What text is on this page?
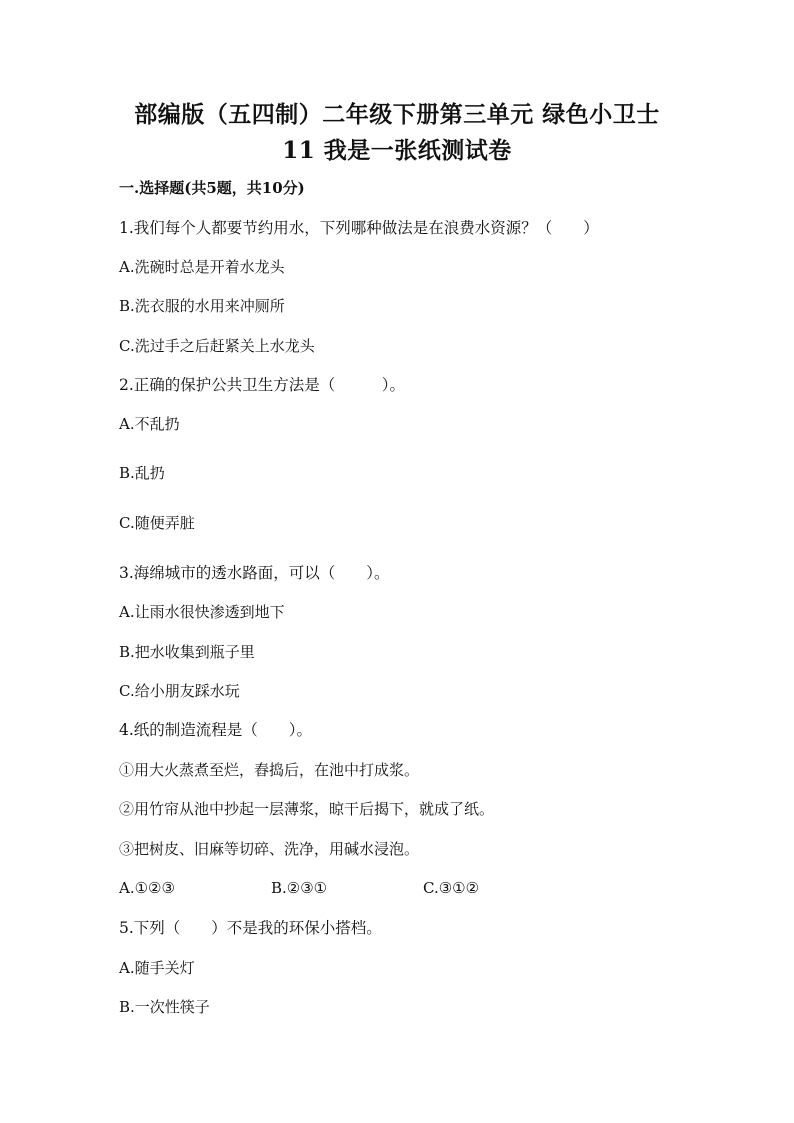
部编版（五四制）二年级下册第三单元 绿色小卫士
11 我是一张纸测试卷
一.选择题(共5题，共10分)
1.我们每个人都要节约用水，下列哪种做法是在浪费水资源？（　　）
A.洗碗时总是开着水龙头
B.洗衣服的水用来冲厕所
C.洗过手之后赶紧关上水龙头
2.正确的保护公共卫生方法是（　　　）。
A.不乱扔
B.乱扔
C.随便弄脏
3.海绵城市的透水路面，可以（　　）。
A.让雨水很快渗透到地下
B.把水收集到瓶子里
C.给小朋友踩水玩
4.纸的制造流程是（　　）。
①用大火蒸煮至烂，舂捣后，在池中打成浆。
②用竹帘从池中抄起一层薄浆，晾干后揭下，就成了纸。
③把树皮、旧麻等切碎、洗净，用碱水浸泡。
A.①②③	B.②③①	C.③①②
5.下列（　　）不是我的环保小搭档。
A.随手关灯
B.一次性筷子
